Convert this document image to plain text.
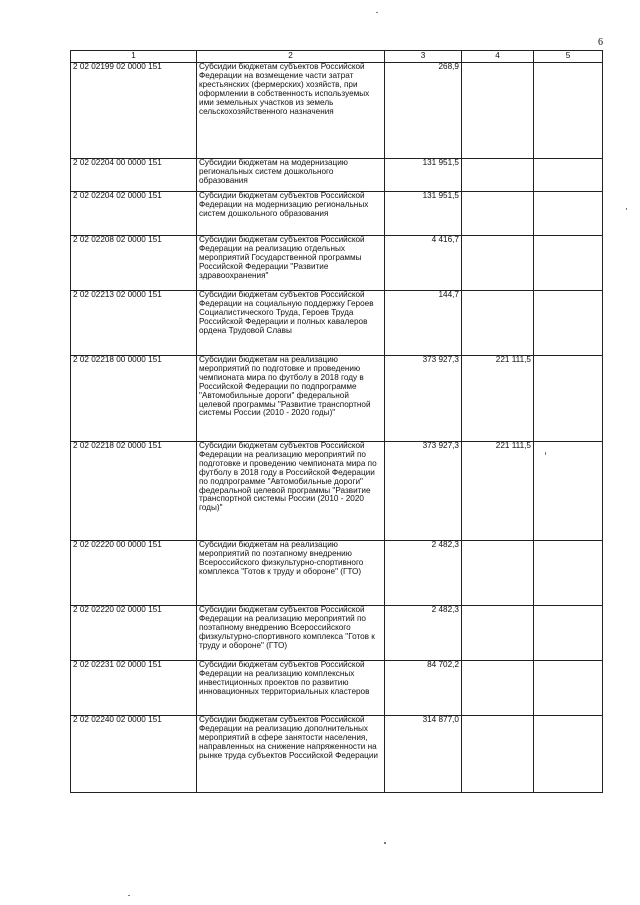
6
1	2	3	4	5
2 02 02199 02 0000 151	Субсидии бюджетам субъектов Российской Федерации на возмещение части затрат крестьянских (фермерских) хозяйств, при оформлении в собственность используемых ими земельных участков из земель сельскохозяйственного назначения	268,9		
2 02 02204 00 0000 151	Субсидии бюджетам на модернизацию региональных систем дошкольного образования	131 951,5		
2 02 02204 02 0000 151	Субсидии бюджетам субъектов Российской Федерации на модернизацию региональных систем дошкольного образования	131 951,5		
2 02 02208 02 0000 151	Субсидии бюджетам субъектов Российской Федерации на реализацию отдельных мероприятий Государственной программы Российской Федерации "Развитие здравоохранения"	4 416,7		
2 02 02213 02 0000 151	Субсидии бюджетам субъектов Российской Федерации на социальную поддержку Героев Социалистического Труда, Героев Труда Российской Федерации и полных кавалеров ордена Трудовой Славы	144,7		
2 02 02218 00 0000 151	Субсидии бюджетам на реализацию мероприятий по подготовке и проведению чемпионата мира по футболу в 2018 году в Российской Федерации по подпрограмме "Автомобильные дороги" федеральной целевой программы "Развитие транспортной системы России (2010 - 2020 годы)"	373 927,3	221 111,5	
2 02 02218 02 0000 151	Субсидии бюджетам субъектов Российской Федерации на реализацию мероприятий по подготовке и проведению чемпионата мира по футболу в 2018 году в Российской Федерации по подпрограмме "Автомобильные дороги" федеральной целевой программы "Развитие транспортной системы России (2010 - 2020 годы)"	373 927,3	221 111,5	
2 02 02220 00 0000 151	Субсидии бюджетам на реализацию мероприятий по поэтапному внедрению Всероссийского физкультурно-спортивного комплекса "Готов к труду и обороне" (ГТО)	2 482,3		
2 02 02220 02 0000 151	Субсидии бюджетам субъектов Российской Федерации на реализацию мероприятий по поэтапному внедрению Всероссийского физкультурно-спортивного комплекса "Готов к труду и обороне" (ГТО)	2 482,3		
2 02 02231 02 0000 151	Субсидии бюджетам субъектов Российской Федерации на реализацию комплексных инвестиционных проектов по развитию инновационных территориальных кластеров	84 702,2		
2 02 02240 02 0000 151	Субсидии бюджетам субъектов Российской Федерации на реализацию дополнительных мероприятий в сфере занятости населения, направленных на снижение напряженности на рынке труда субъектов Российской Федерации	314 877,0		
